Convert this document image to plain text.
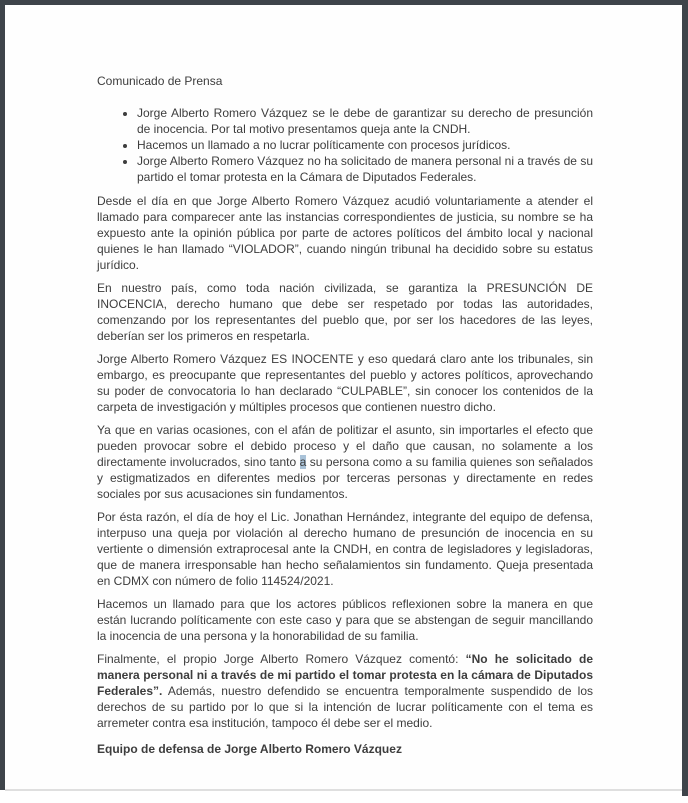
Comunicado de Prensa

• Jorge Alberto Romero Vázquez se le debe de garantizar su derecho de presunción de inocencia. Por tal motivo presentamos queja ante la CNDH.
• Hacemos un llamado a no lucrar políticamente con procesos jurídicos.
• Jorge Alberto Romero Vázquez no ha solicitado de manera personal ni a través de su partido el tomar protesta en la Cámara de Diputados Federales.

Desde el día en que Jorge Alberto Romero Vázquez acudió voluntariamente a atender el llamado para comparecer ante las instancias correspondientes de justicia, su nombre se ha expuesto ante la opinión pública por parte de actores políticos del ámbito local y nacional quienes le han llamado “VIOLADOR”, cuando ningún tribunal ha decidido sobre su estatus jurídico.

En nuestro país, como toda nación civilizada, se garantiza la PRESUNCIÓN DE INOCENCIA, derecho humano que debe ser respetado por todas las autoridades, comenzando por los representantes del pueblo que, por ser los hacedores de las leyes, deberían ser los primeros en respetarla.

Jorge Alberto Romero Vázquez ES INOCENTE y eso quedará claro ante los tribunales, sin embargo, es preocupante que representantes del pueblo y actores políticos, aprovechando su poder de convocatoria lo han declarado “CULPABLE”, sin conocer los contenidos de la carpeta de investigación y múltiples procesos que contienen nuestro dicho.

Ya que en varias ocasiones, con el afán de politizar el asunto, sin importarles el efecto que pueden provocar sobre el debido proceso y el daño que causan, no solamente a los directamente involucrados, sino tanto a su persona como a su familia quienes son señalados y estigmatizados en diferentes medios por terceras personas y directamente en redes sociales por sus acusaciones sin fundamentos.

Por ésta razón, el día de hoy el Lic. Jonathan Hernández, integrante del equipo de defensa, interpuso una queja por violación al derecho humano de presunción de inocencia en su vertiente o dimensión extraprocesal ante la CNDH, en contra de legisladores y legisladoras, que de manera irresponsable han hecho señalamientos sin fundamento. Queja presentada en CDMX con número de folio 114524/2021.

Hacemos un llamado para que los actores públicos reflexionen sobre la manera en que están lucrando políticamente con este caso y para que se abstengan de seguir mancillando la inocencia de una persona y la honorabilidad de su familia.

Finalmente, el propio Jorge Alberto Romero Vázquez comentó: “No he solicitado de manera personal ni a través de mi partido el tomar protesta en la cámara de Diputados Federales”. Además, nuestro defendido se encuentra temporalmente suspendido de los derechos de su partido por lo que si la intención de lucrar políticamente con el tema es arremeter contra esa institución, tampoco él debe ser el medio.

Equipo de defensa de Jorge Alberto Romero Vázquez
